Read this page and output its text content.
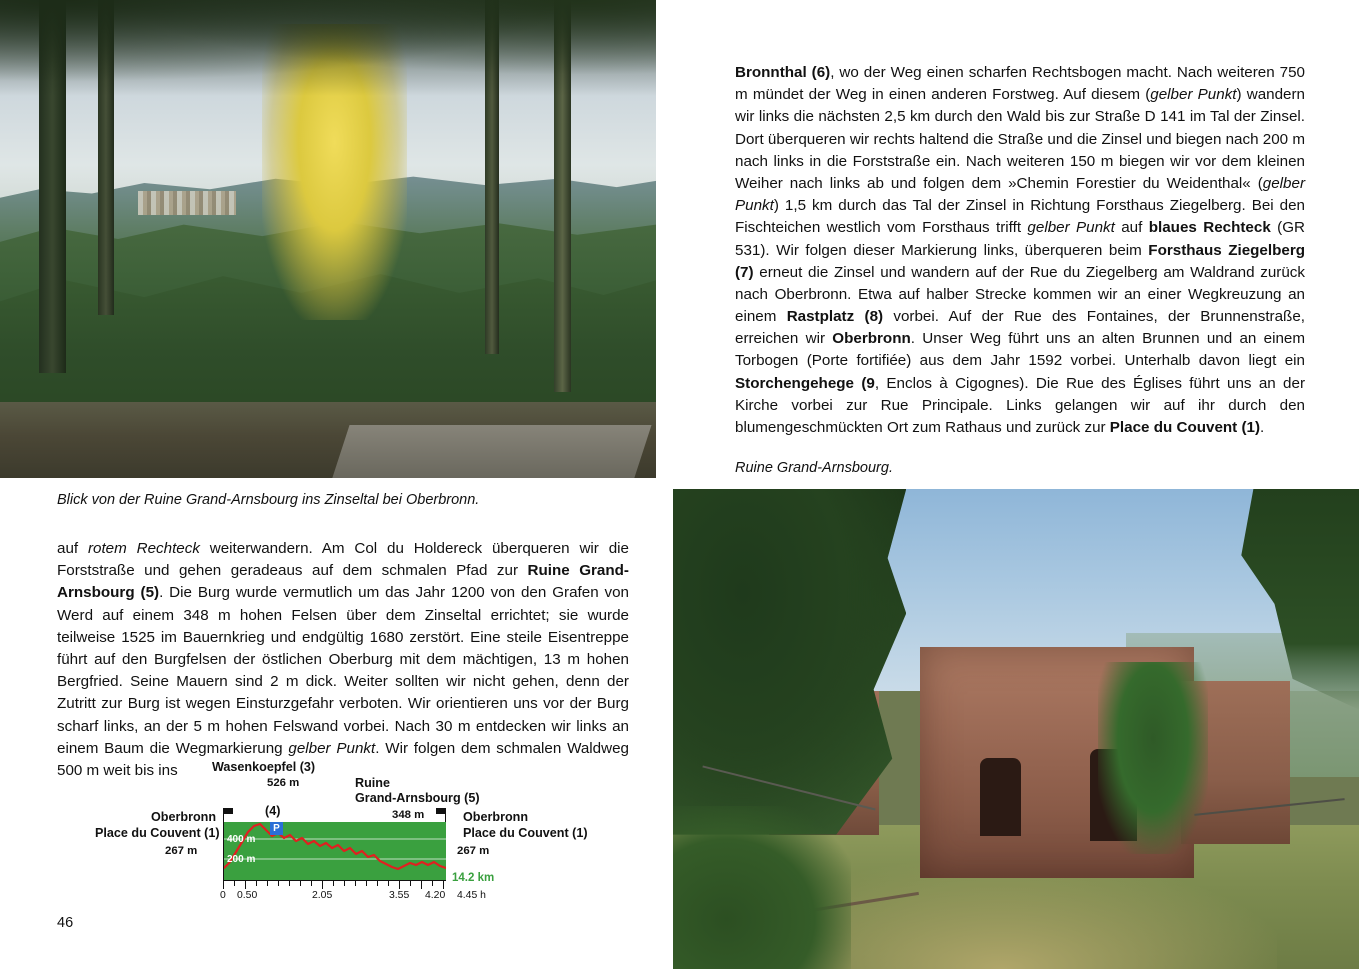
Blick von der Ruine Grand-Arnsbourg ins Zinseltal bei Oberbronn.

auf rotem Rechteck weiterwandern. Am Col du Holdereck überqueren wir die Forststraße und gehen geradeaus auf dem schmalen Pfad zur Ruine Grand-Arnsbourg (5). Die Burg wurde vermutlich um das Jahr 1200 von den Grafen von Werd auf einem 348 m hohen Felsen über dem Zinseltal errichtet; sie wurde teilweise 1525 im Bauernkrieg und endgültig 1680 zerstört. Eine steile Eisentreppe führt auf den Burgfelsen der östlichen Oberburg mit dem mächtigen, 13 m hohen Bergfried. Seine Mauern sind 2 m dick. Weiter sollten wir nicht gehen, denn der Zutritt zur Burg ist wegen Einsturzgefahr verboten. Wir orientieren uns vor der Burg scharf links, an der 5 m hohen Felswand vorbei. Nach 30 m entdecken wir links an einem Baum die Wegmarkierung gelber Punkt. Wir folgen dem schmalen Waldweg 500 m weit bis ins	Wasenkoepfel (3)
526 m	Ruine
Grand-Arnsbourg (5)
348 m
Oberbronn
Place du Couvent (1)
267 m
(4)	Oberbronn
Place du Couvent (1)
267 m
400 m
200 m
P
0 0.50	2.05	3.55 4.20 4.45 h
14.2 km
46

Bronnthal (6), wo der Weg einen scharfen Rechtsbogen macht. Nach weiteren 750 m mündet der Weg in einen anderen Forstweg. Auf diesem (gelber Punkt) wandern wir links die nächsten 2,5 km durch den Wald bis zur Straße D 141 im Tal der Zinsel. Dort überqueren wir rechts haltend die Straße und die Zinsel und biegen nach 200 m nach links in die Forststraße ein. Nach weiteren 150 m biegen wir vor dem kleinen Weiher nach links ab und folgen dem »Chemin Forestier du Weidenthal« (gelber Punkt) 1,5 km durch das Tal der Zinsel in Richtung Forsthaus Ziegelberg. Bei den Fischteichen westlich vom Forsthaus trifft gelber Punkt auf blaues Rechteck (GR 531). Wir folgen dieser Markierung links, überqueren beim Forsthaus Ziegelberg (7) erneut die Zinsel und wandern auf der Rue du Ziegelberg am Waldrand zurück nach Oberbronn. Etwa auf halber Strecke kommen wir an einer Wegkreuzung an einem Rastplatz (8) vorbei. Auf der Rue des Fontaines, der Brunnenstraße, erreichen wir Oberbronn. Unser Weg führt uns an alten Brunnen und an einem Torbogen (Porte fortifiée) aus dem Jahr 1592 vorbei. Unterhalb davon liegt ein Storchengehege (9, Enclos à Cigognes). Die Rue des Églises führt uns an der Kirche vorbei zur Rue Principale. Links gelangen wir auf ihr durch den blumengeschmückten Ort zum Rathaus und zurück zur Place du Couvent (1).

Ruine Grand-Arnsbourg.
